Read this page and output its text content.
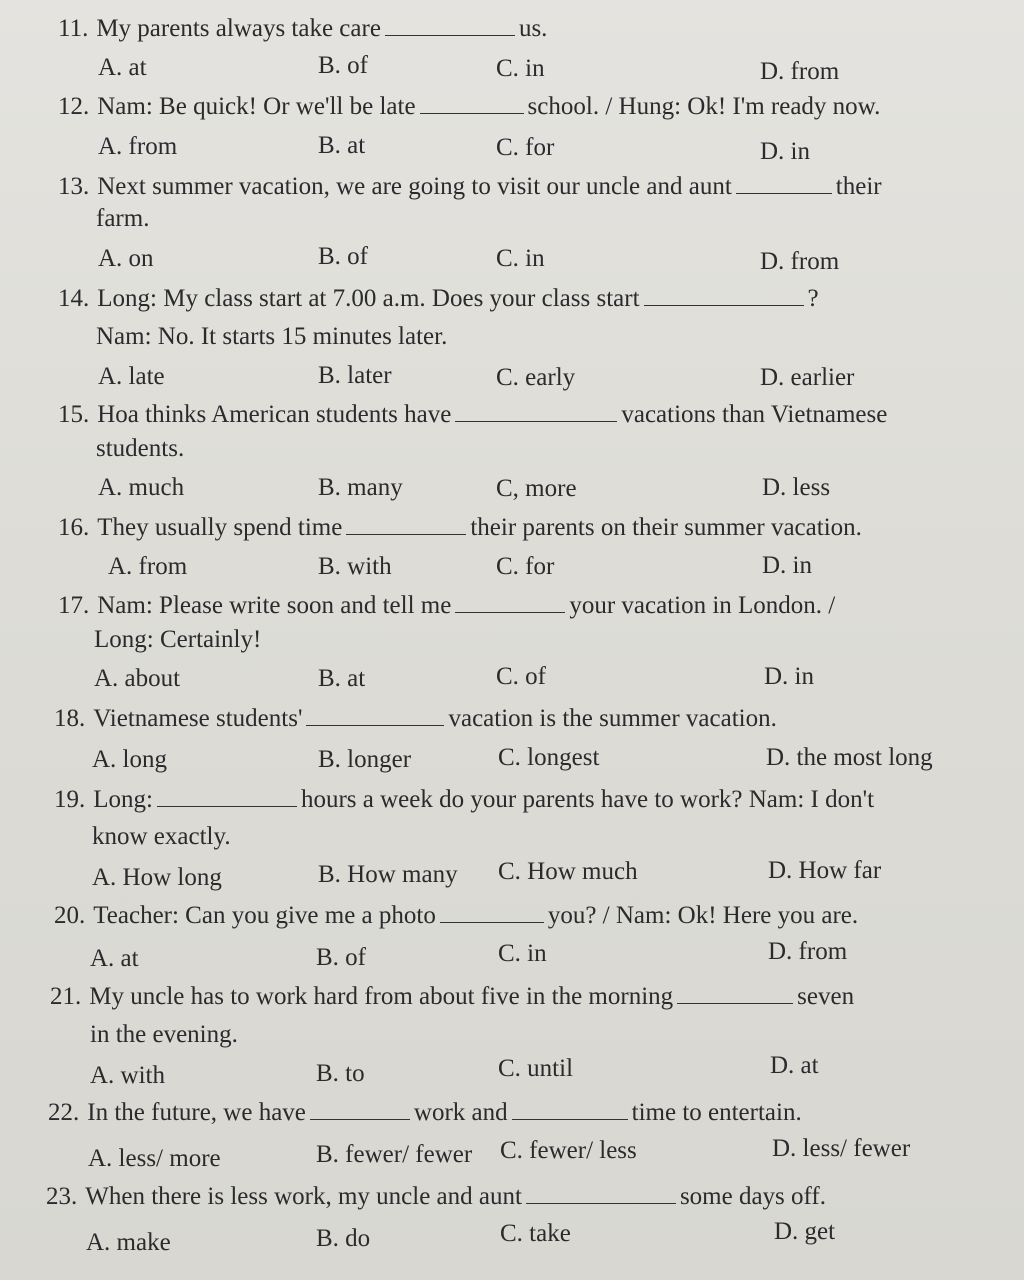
11. My parents always take care	us.
A. at	B. of	C. in	D. from
12. Nam: Be quick! Or we'll be late	school. / Hung: Ok! I'm ready now.
A. from	B. at	C. for	D. in
13. Next summer vacation, we are going to visit our uncle and aunt	their
farm.
A. on	B. of	C. in	D. from
14. Long: My class start at 7.00 a.m. Does your class start	?
Nam: No. It starts 15 minutes later.
A. late	B. later	C. early	D. earlier
15. Hoa thinks American students have	vacations than Vietnamese
students.
A. much	B. many	C, more	D. less
16. They usually spend time	their parents on their summer vacation.
A. from	B. with	C. for	D. in
17. Nam: Please write soon and tell me	your vacation in London. /
Long: Certainly!
A. about	B. at	C. of	D. in
18. Vietnamese students'	vacation is the summer vacation.
A. long	B. longer	C. longest	D. the most long
19. Long:	hours a week do your parents have to work? Nam: I don't
know exactly.
A. How long	B. How many C. How much	D. How far
20. Teacher: Can you give me a photo	you? / Nam: Ok! Here you are.
A. at	B. of	C. in	D. from
21. My uncle has to work hard from about five in the morning	seven
in the evening.
A. with	B. to	C. until	D. at
22. In the future, we have	work and	time to entertain.
A. less/ more	B. fewer/ fewer C. fewer/ less	D. less/ fewer
23. When there is less work, my uncle and aunt	some days off.
A. make	B. do	C. take	D. get
